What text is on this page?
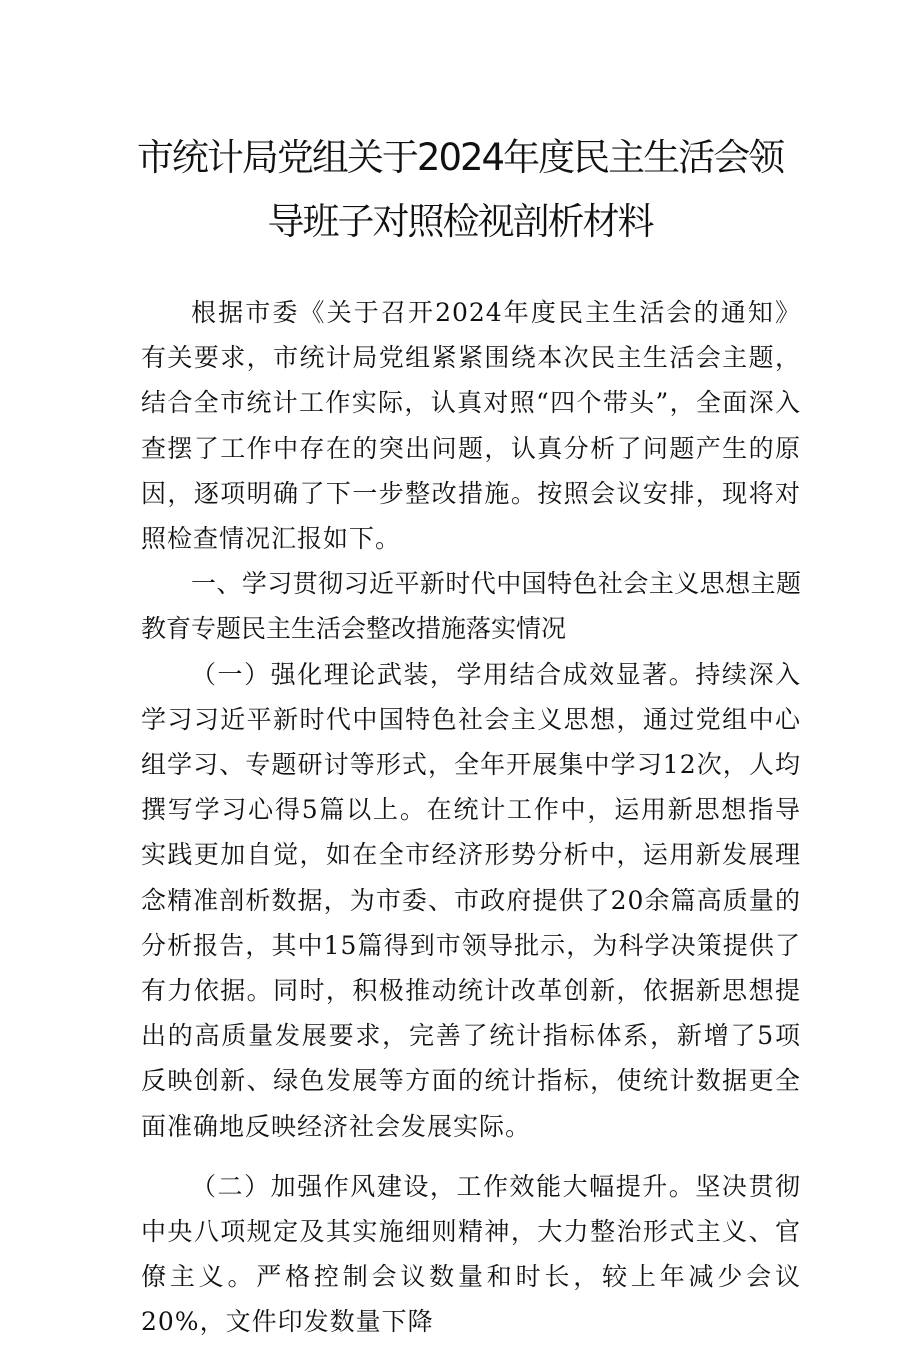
市统计局党组关于2024年度民主生活会领
导班子对照检视剖析材料

根据市委《关于召开2024年度民主生活会的通知》有关要求，市统计局党组紧紧围绕本次民主生活会主题，结合全市统计工作实际，认真对照“四个带头”，全面深入查摆了工作中存在的突出问题，认真分析了问题产生的原因，逐项明确了下一步整改措施。按照会议安排，现将对照检查情况汇报如下。

一、学习贯彻习近平新时代中国特色社会主义思想主题教育专题民主生活会整改措施落实情况

（一）强化理论武装，学用结合成效显著。持续深入学习习近平新时代中国特色社会主义思想，通过党组中心组学习、专题研讨等形式，全年开展集中学习12次，人均撰写学习心得5篇以上。在统计工作中，运用新思想指导实践更加自觉，如在全市经济形势分析中，运用新发展理念精准剖析数据，为市委、市政府提供了20余篇高质量的分析报告，其中15篇得到市领导批示，为科学决策提供了有力依据。同时，积极推动统计改革创新，依据新思想提出的高质量发展要求，完善了统计指标体系，新增了5项反映创新、绿色发展等方面的统计指标，使统计数据更全面准确地反映经济社会发展实际。

（二）加强作风建设，工作效能大幅提升。坚决贯彻中央八项规定及其实施细则精神，大力整治形式主义、官僚主义。严格控制会议数量和时长，较上年减少会议20%，文件印发数量下降
